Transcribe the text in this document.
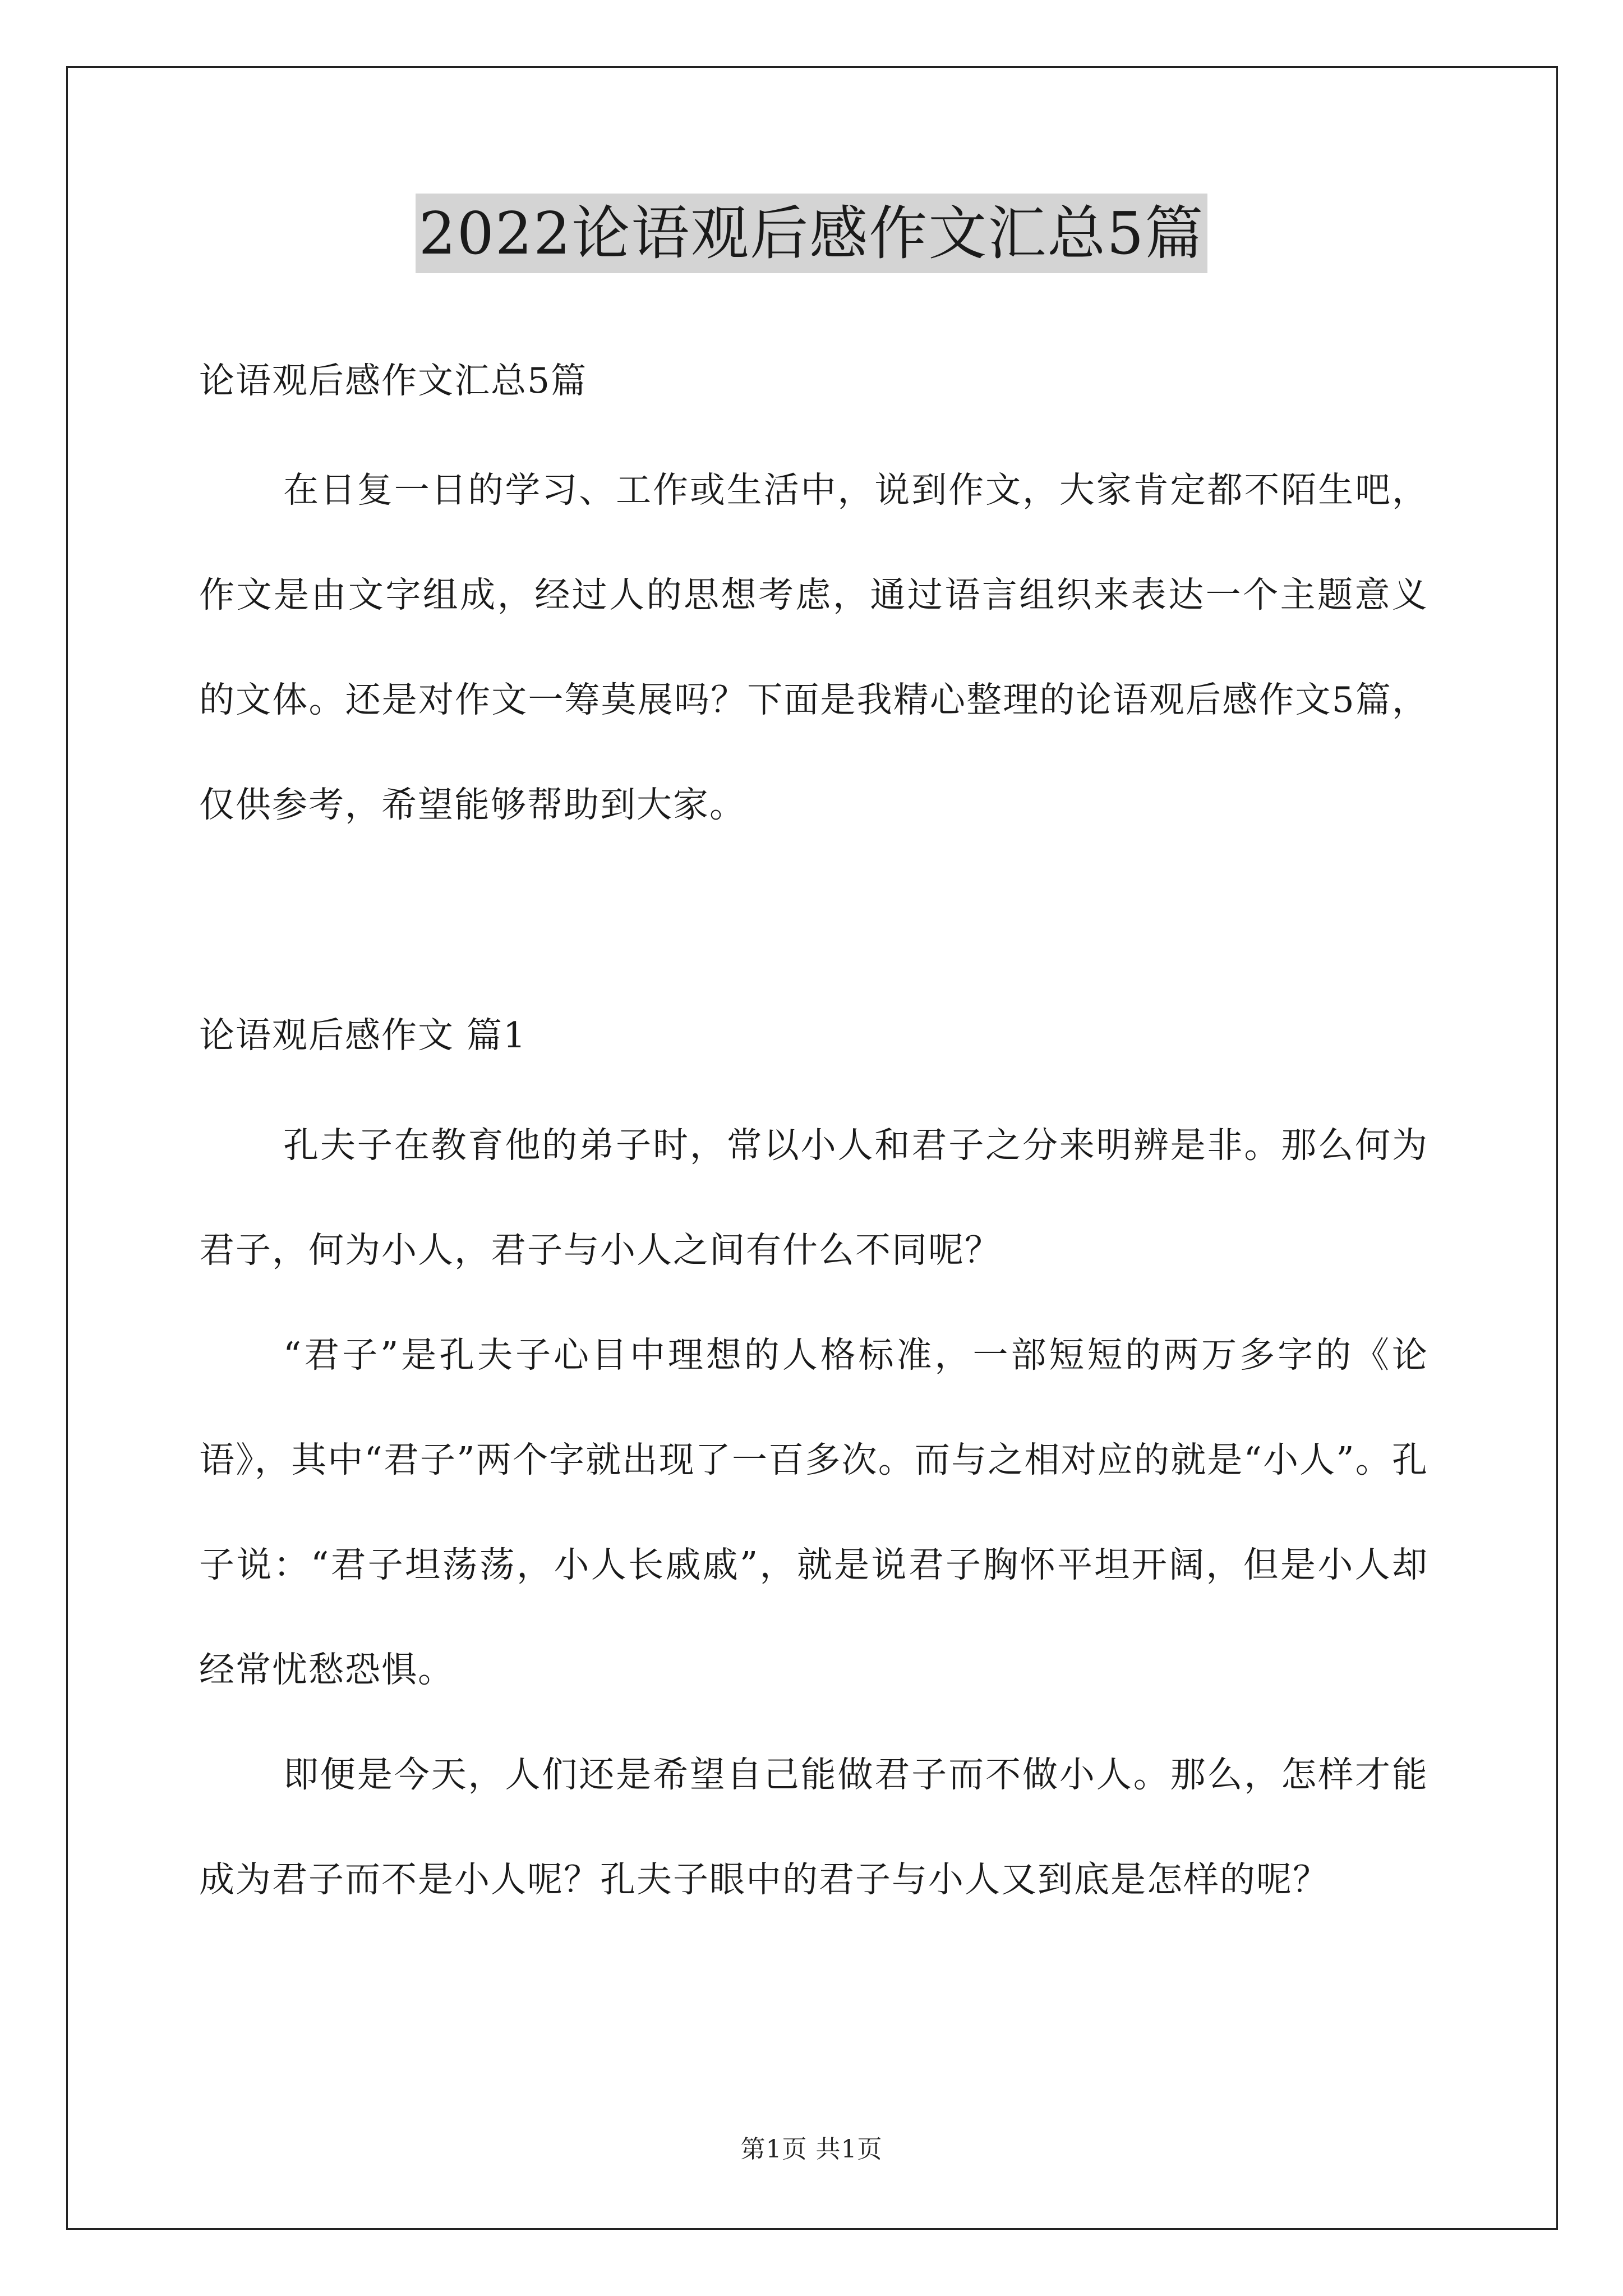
2022论语观后感作文汇总5篇
论语观后感作文汇总5篇
在日复一日的学习、工作或生活中，说到作文，大家肯定都不陌生吧，作文是由文字组成，经过人的思想考虑，通过语言组织来表达一个主题意义的文体。还是对作文一筹莫展吗？下面是我精心整理的论语观后感作文5篇，仅供参考，希望能够帮助到大家。
论语观后感作文 篇1
孔夫子在教育他的弟子时，常以小人和君子之分来明辨是非。那么何为君子，何为小人，君子与小人之间有什么不同呢？
“君子”是孔夫子心目中理想的人格标准，一部短短的两万多字的《论语》，其中“君子”两个字就出现了一百多次。而与之相对应的就是“小人”。孔子说：“君子坦荡荡，小人长戚戚”，就是说君子胸怀平坦开阔，但是小人却经常忧愁恐惧。
即便是今天，人们还是希望自己能做君子而不做小人。那么，怎样才能成为君子而不是小人呢？孔夫子眼中的君子与小人又到底是怎样的呢？
第1页 共1页
